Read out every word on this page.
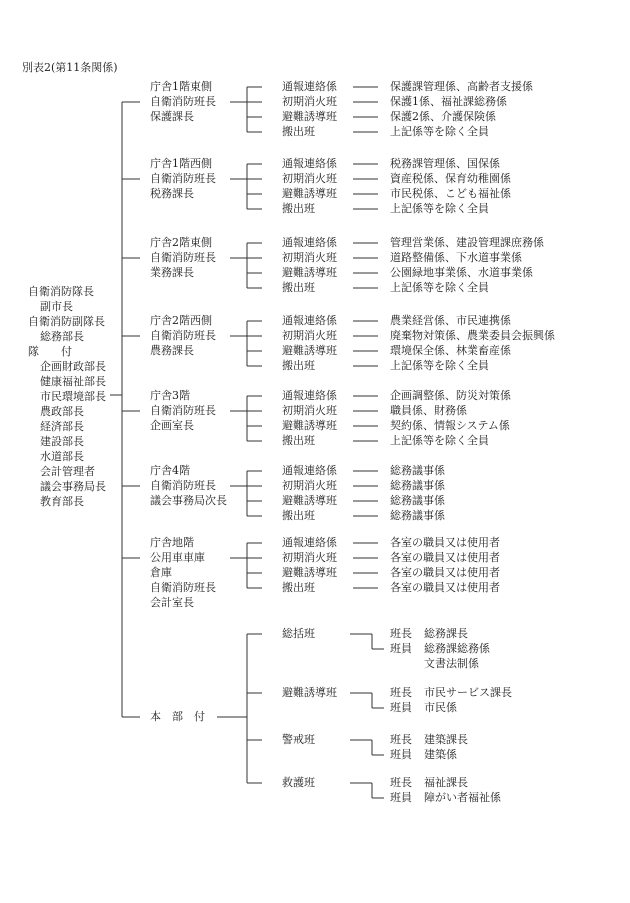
別表2(第11条関係)
自衛消防隊長
副市長
自衛消防副隊長
総務部長
隊　　付
企画財政部長
健康福祉部長
市民環境部長
農政部長
経済部長
建設部長
水道部長
会計管理者
議会事務局長
教育部長
庁舎1階東側
自衛消防班長
保護課長
通報連絡係	保護課管理係、高齢者支援係
初期消火班	保護1係、福祉課総務係
避難誘導班	保護2係、介護保険係
搬出班	上記係等を除く全員
庁舎1階西側
自衛消防班長
税務課長
通報連絡係	税務課管理係、国保係
初期消火班	資産税係、保育幼稚園係
避難誘導班	市民税係、こども福祉係
搬出班	上記係等を除く全員
庁舎2階東側
自衛消防班長
業務課長
通報連絡係	管理営業係、建設管理課庶務係
初期消火班	道路整備係、下水道事業係
避難誘導班	公園緑地事業係、水道事業係
搬出班	上記係等を除く全員
庁舎2階西側
自衛消防班長
農務課長
通報連絡係	農業経営係、市民連携係
初期消火班	廃棄物対策係、農業委員会振興係
避難誘導班	環境保全係、林業畜産係
搬出班	上記係等を除く全員
庁舎3階
自衛消防班長
企画室長
通報連絡係	企画調整係、防災対策係
初期消火班	職員係、財務係
避難誘導班	契約係、情報システム係
搬出班	上記係等を除く全員
庁舎4階
自衛消防班長
議会事務局次長
通報連絡係	総務議事係
初期消火班	総務議事係
避難誘導班	総務議事係
搬出班	総務議事係
庁舎地階
公用車車庫
倉庫
自衛消防班長
会計室長
通報連絡係	各室の職員又は使用者
初期消火班	各室の職員又は使用者
避難誘導班	各室の職員又は使用者
搬出班	各室の職員又は使用者
本　部　付
総括班	班長 総務課長
班員 総務課総務係
文書法制係
避難誘導班	班長 市民サービス課長
班員 市民係
警戒班	班長 建築課長
班員 建築係
救護班	班長 福祉課長
班員 障がい者福祉係
